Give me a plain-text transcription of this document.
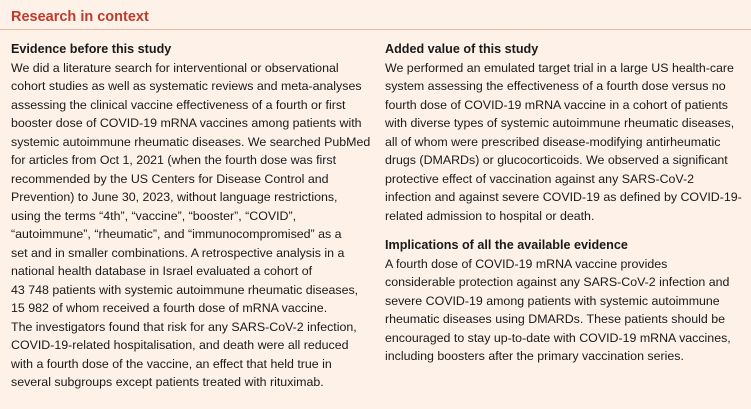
Research in context
Evidence before this study

We did a literature search for interventional or observational
cohort studies as well as systematic reviews and meta-analyses
assessing the clinical vaccine effectiveness of a fourth or first
booster dose of COVID-19 mRNA vaccines among patients with
systemic autoimmune rheumatic diseases. We searched PubMed
for articles from Oct 1, 2021 (when the fourth dose was first
recommended by the US Centers for Disease Control and
Prevention) to June 30, 2023, without language restrictions,
using the terms “4th”, “vaccine”, “booster”, “COVID”,
“autoimmune”, “rheumatic”, and “immunocompromised” as a
set and in smaller combinations. A retrospective analysis in a
national health database in Israel evaluated a cohort of
43 748 patients with systemic autoimmune rheumatic diseases,
15 982 of whom received a fourth dose of mRNA vaccine.
The investigators found that risk for any SARS-CoV-2 infection,
COVID-19-related hospitalisation, and death were all reduced
with a fourth dose of the vaccine, an effect that held true in
several subgroups except patients treated with rituximab.

Added value of this study

We performed an emulated target trial in a large US health-care
system assessing the effectiveness of a fourth dose versus no
fourth dose of COVID-19 mRNA vaccine in a cohort of patients
with diverse types of systemic autoimmune rheumatic diseases,
all of whom were prescribed disease-modifying antirheumatic
drugs (DMARDs) or glucocorticoids. We observed a significant
protective effect of vaccination against any SARS-CoV-2
infection and against severe COVID-19 as defined by COVID-19-
related admission to hospital or death.

Implications of all the available evidence

A fourth dose of COVID-19 mRNA vaccine provides
considerable protection against any SARS-CoV-2 infection and
severe COVID-19 among patients with systemic autoimmune
rheumatic diseases using DMARDs. These patients should be
encouraged to stay up-to-date with COVID-19 mRNA vaccines,
including boosters after the primary vaccination series.
